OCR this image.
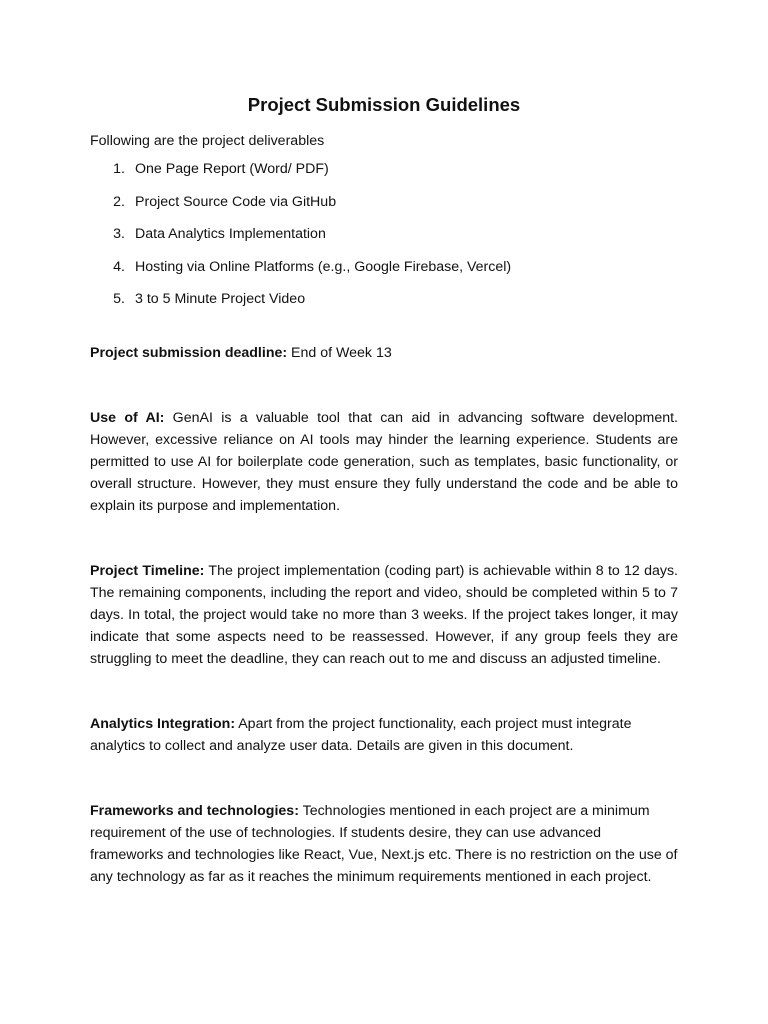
Project Submission Guidelines

Following are the project deliverables

1. One Page Report (Word/ PDF)
2. Project Source Code via GitHub
3. Data Analytics Implementation
4. Hosting via Online Platforms (e.g., Google Firebase, Vercel)
5. 3 to 5 Minute Project Video

Project submission deadline: End of Week 13

Use of AI: GenAI is a valuable tool that can aid in advancing software development. However, excessive reliance on AI tools may hinder the learning experience. Students are permitted to use AI for boilerplate code generation, such as templates, basic functionality, or overall structure. However, they must ensure they fully understand the code and be able to explain its purpose and implementation.

Project Timeline: The project implementation (coding part) is achievable within 8 to 12 days. The remaining components, including the report and video, should be completed within 5 to 7 days. In total, the project would take no more than 3 weeks. If the project takes longer, it may indicate that some aspects need to be reassessed. However, if any group feels they are struggling to meet the deadline, they can reach out to me and discuss an adjusted timeline.

Analytics Integration: Apart from the project functionality, each project must integrate analytics to collect and analyze user data. Details are given in this document.

Frameworks and technologies: Technologies mentioned in each project are a minimum requirement of the use of technologies. If students desire, they can use advanced frameworks and technologies like React, Vue, Next.js etc. There is no restriction on the use of any technology as far as it reaches the minimum requirements mentioned in each project.
